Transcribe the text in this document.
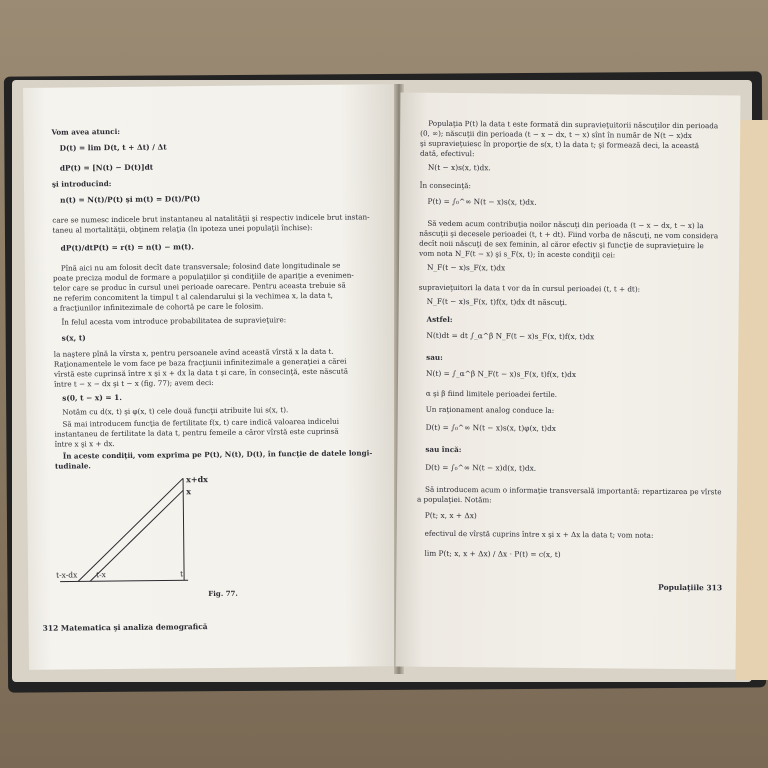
Vom avea atunci:
D(t) = lim D(t, t + Δt) / Δt
dP(t) = [N(t) − D(t)]dt
şi introducînd:
n(t) = N(t)/P(t) şi m(t) = D(t)/P(t)
care se numesc indicele brut instantaneu al natalităţii şi respectiv indicele brut instan-
taneu al mortalităţii, obţinem relaţia (în ipoteza unei populaţii închise):
dP(t)/dtP(t) = r(t) = n(t) − m(t).
Pînă aici nu am folosit decît date transversale; folosind date longitudinale se
poate preciza modul de formare a populaţiilor şi condiţiile de apariţie a evenimen-
telor care se produc în cursul unei perioade oarecare. Pentru aceasta trebuie să
ne referim concomitent la timpul t al calendarului şi la vechimea x, la data t,
a fracţiunilor infinitezimale de cohortă pe care le folosim.
În felul acesta vom introduce probabilitatea de supravieţuire:
s(x, t)
la naştere pînă la vîrsta x, pentru persoanele avînd această vîrstă x la data t.
Raţionamentele le vom face pe baza fracţiunii infinitezimale a generaţiei a cărei
vîrstă este cuprinsă între x şi x + dx la data t şi care, în consecinţă, este născută
între t − x − dx şi t − x (fig. 77); avem deci:
s(0, t − x) = 1.
Notăm cu d(x, t) şi φ(x, t) cele două funcţii atribuite lui s(x, t).
Să mai introducem funcţia de fertilitate f(x, t) care indică valoarea indicelui
instantaneu de fertilitate la data t, pentru femeile a căror vîrstă este cuprinsă
între x şi x + dx.
În aceste condiţii, vom exprima pe P(t), N(t), D(t), în funcţie de datele longi-
tudinale.
x+dx
x
t-x-dx t-x	t
Fig. 77.
312 Matematica şi analiza demografică
Populaţia P(t) la data t este formată din supravieţuitorii născuţilor din perioada
(0, ∞); născuţii din perioada (t − x − dx, t − x) sînt în număr de N(t − x)dx
şi supravieţuiesc în proporţie de s(x, t) la data t; şi formează deci, la această
dată, efectivul:
N(t − x)s(x, t)dx.
În consecinţă:
P(t) = ∫₀^∞ N(t − x)s(x, t)dx.
Să vedem acum contribuţia noilor născuţi din perioada (t − x − dx, t − x) la
născuţii şi decesele perioadei (t, t + dt). Fiind vorba de născuţi, ne vom considera
decît noii născuţi de sex feminin, al căror efectiv şi funcţie de supravieţuire le
vom nota N_F(t − x) şi s_F(x, t); în aceste condiţii cei:
N_F(t − x)s_F(x, t)dx
supravieţuitori la data t vor da în cursul perioadei (t, t + dt):
N_F(t − x)s_F(x, t)f(x, t)dx dt născuţi.
Astfel:
N(t)dt = dt ∫_α^β N_F(t − x)s_F(x, t)f(x, t)dx
sau:
N(t) = ∫_α^β N_F(t − x)s_F(x, t)f(x, t)dx
α şi β fiind limitele perioadei fertile.
Un raţionament analog conduce la:
D(t) = ∫₀^∞ N(t − x)s(x, t)φ(x, t)dx
sau încă:
D(t) = ∫₀^∞ N(t − x)d(x, t)dx.
Să introducem acum o informaţie transversală importantă: repartizarea pe vîrste
a populaţiei. Notăm:
P(t; x, x + Δx)
efectivul de vîrstă cuprins între x şi x + Δx la data t; vom nota:
lim P(t; x, x + Δx) / Δx · P(t) = c(x, t)
Populaţiile 313
